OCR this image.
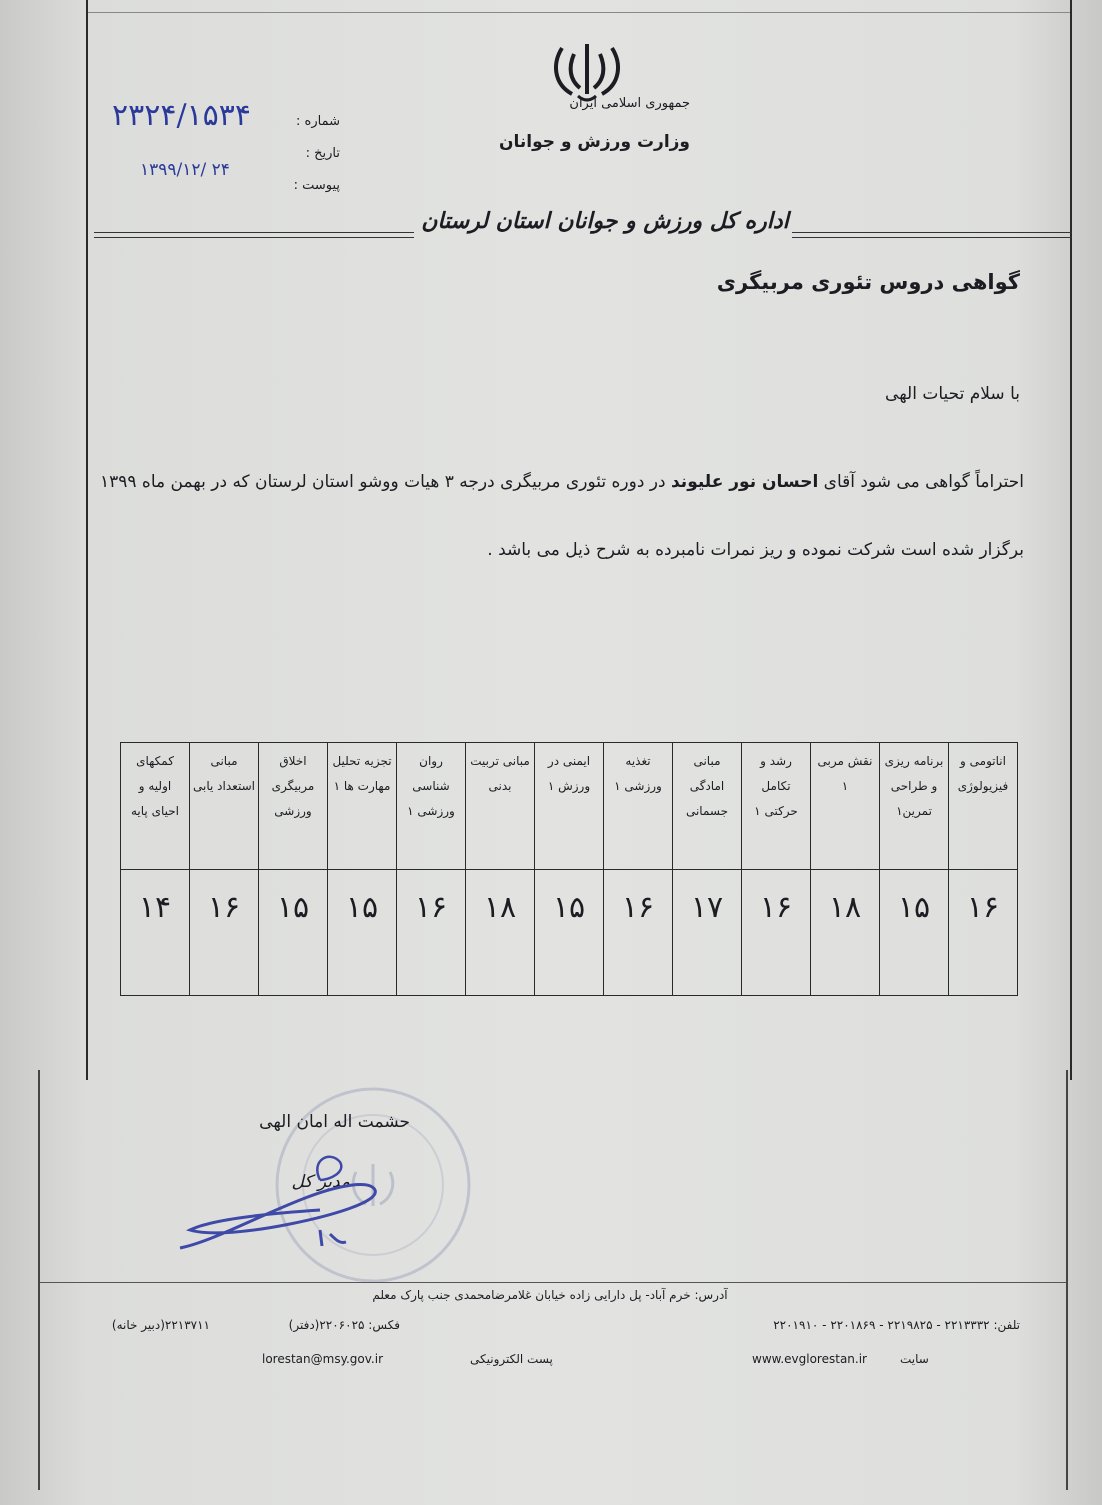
جمهوری اسلامی ایران
وزارت ورزش و جوانان
شماره :
تاریخ :
پیوست :
۲۳۲۴/۱۵۳۴
۱۳۹۹/۱۲/ ۲۴
اداره کل ورزش و جوانان استان لرستان
گواهی دروس تئوری مربیگری
با سلام تحیات الهی
احتراماً گواهی می شود آقای احسان نور علیوند در دوره تئوری مربیگری درجه ۳ هیات ووشو استان لرستان که در بهمن ماه ۱۳۹۹ برگزار شده است شرکت نموده و ریز نمرات نامبرده به شرح ذیل می باشد .
اناتومی و فیزیولوژی	برنامه ریزی و طراحی تمرین۱	نقش مربی ۱	رشد و تکامل حرکتی ۱	مبانی امادگی جسمانی	تغذیه ورزشی ۱	ایمنی در ورزش ۱	مبانی تربیت بدنی	روان شناسی ورزشی ۱	تجزیه تحلیل مهارت ها ۱	اخلاق مربیگری ورزشی	مبانی استعداد یابی	کمکهای اولیه و احیای پایه
۱۶	۱۵	۱۸	۱۶	۱۷	۱۶	۱۵	۱۸	۱۶	۱۵	۱۵	۱۶	۱۴
حشمت اله امان الهی
مدیر کل
آدرس: خرم آباد- پل دارایی زاده خیابان غلامرضامحمدی جنب پارک معلم
تلفن: ۲۲۱۳۳۳۲ - ۲۲۱۹۸۲۵ - ۲۲۰۱۸۶۹ - ۲۲۰۱۹۱۰
فکس: ۲۲۰۶۰۲۵(دفتر)
۲۲۱۳۷۱۱(دبیر خانه)
سایت
www.evglorestan.ir
پست الکترونیکی
lorestan@msy.gov.ir
